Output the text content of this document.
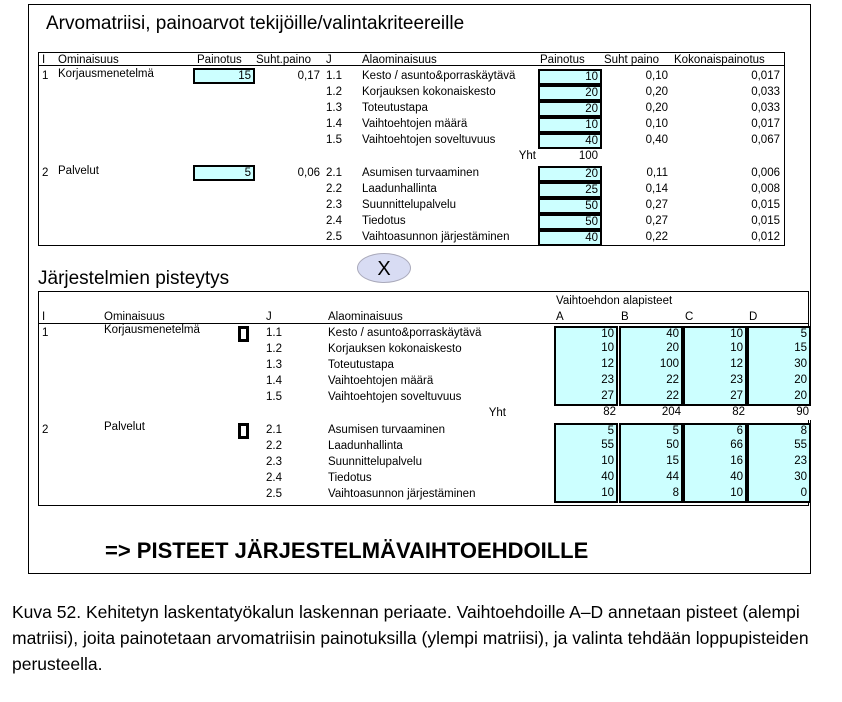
Arvomatriisi, painoarvot tekijöille/valintakriteereille
I Ominaisuus	Painotus Suht.paino J	Alaominaisuus	Painotus Suht paino Kokonaispainotus
1 Korjausmenetelmä	15	0,17 1.1 Kesto / asunto&porraskäytävä	10	0,10	0,017
1.2 Korjauksen kokonaiskesto	20	0,20	0,033
1.3 Toteutustapa	20	0,20	0,033
1.4 Vaihtoehtojen määrä	10	0,10	0,017
1.5 Vaihtoehtojen soveltuvuus	40	0,40	0,067
2 Palvelut	5	0,06 2.1 Asumisen turvaaminen	20	0,11	0,006
2.2 Laadunhallinta	25	0,14	0,008
2.3 Suunnittelupalvelu	50	0,27	0,015
2.4 Tiedotus	50	0,27	0,015
2.5 Vaihtoasunnon järjestäminen	40	0,22	0,012
Yht	100
X
Järjestelmien pisteytys
Vaihtoehdon alapisteet
I	Ominaisuus	J	Alaominaisuus	A	B	C	D
1	Korjausmenetelmä	1.1	Kesto / asunto&porraskäytävä	10	40	10	5
1.2	Korjauksen kokonaiskesto	10	20	10	15
1.3	Toteutustapa	12	100	12	30
1.4	Vaihtoehtojen määrä	23	22	23	20
1.5	Vaihtoehtojen soveltuvuus	27	22	27	20
2	Palvelut	2.1	Asumisen turvaaminen	5	5	6	8
2.2	Laadunhallinta	55	50	66	55
2.3	Suunnittelupalvelu	10	15	16	23
2.4	Tiedotus	40	44	40	30
2.5	Vaihtoasunnon järjestäminen	10	8	10	0
Yht	82	204	82	90
=> PISTEET JÄRJESTELMÄVAIHTOEHDOILLE
Kuva 52. Kehitetyn laskentatyökalun laskennan periaate. Vaihtoehdoille A–D annetaan pisteet (alempi matriisi), joita painotetaan arvomatriisin painotuksilla (ylempi matriisi), ja valinta tehdään loppupisteiden perusteella.
